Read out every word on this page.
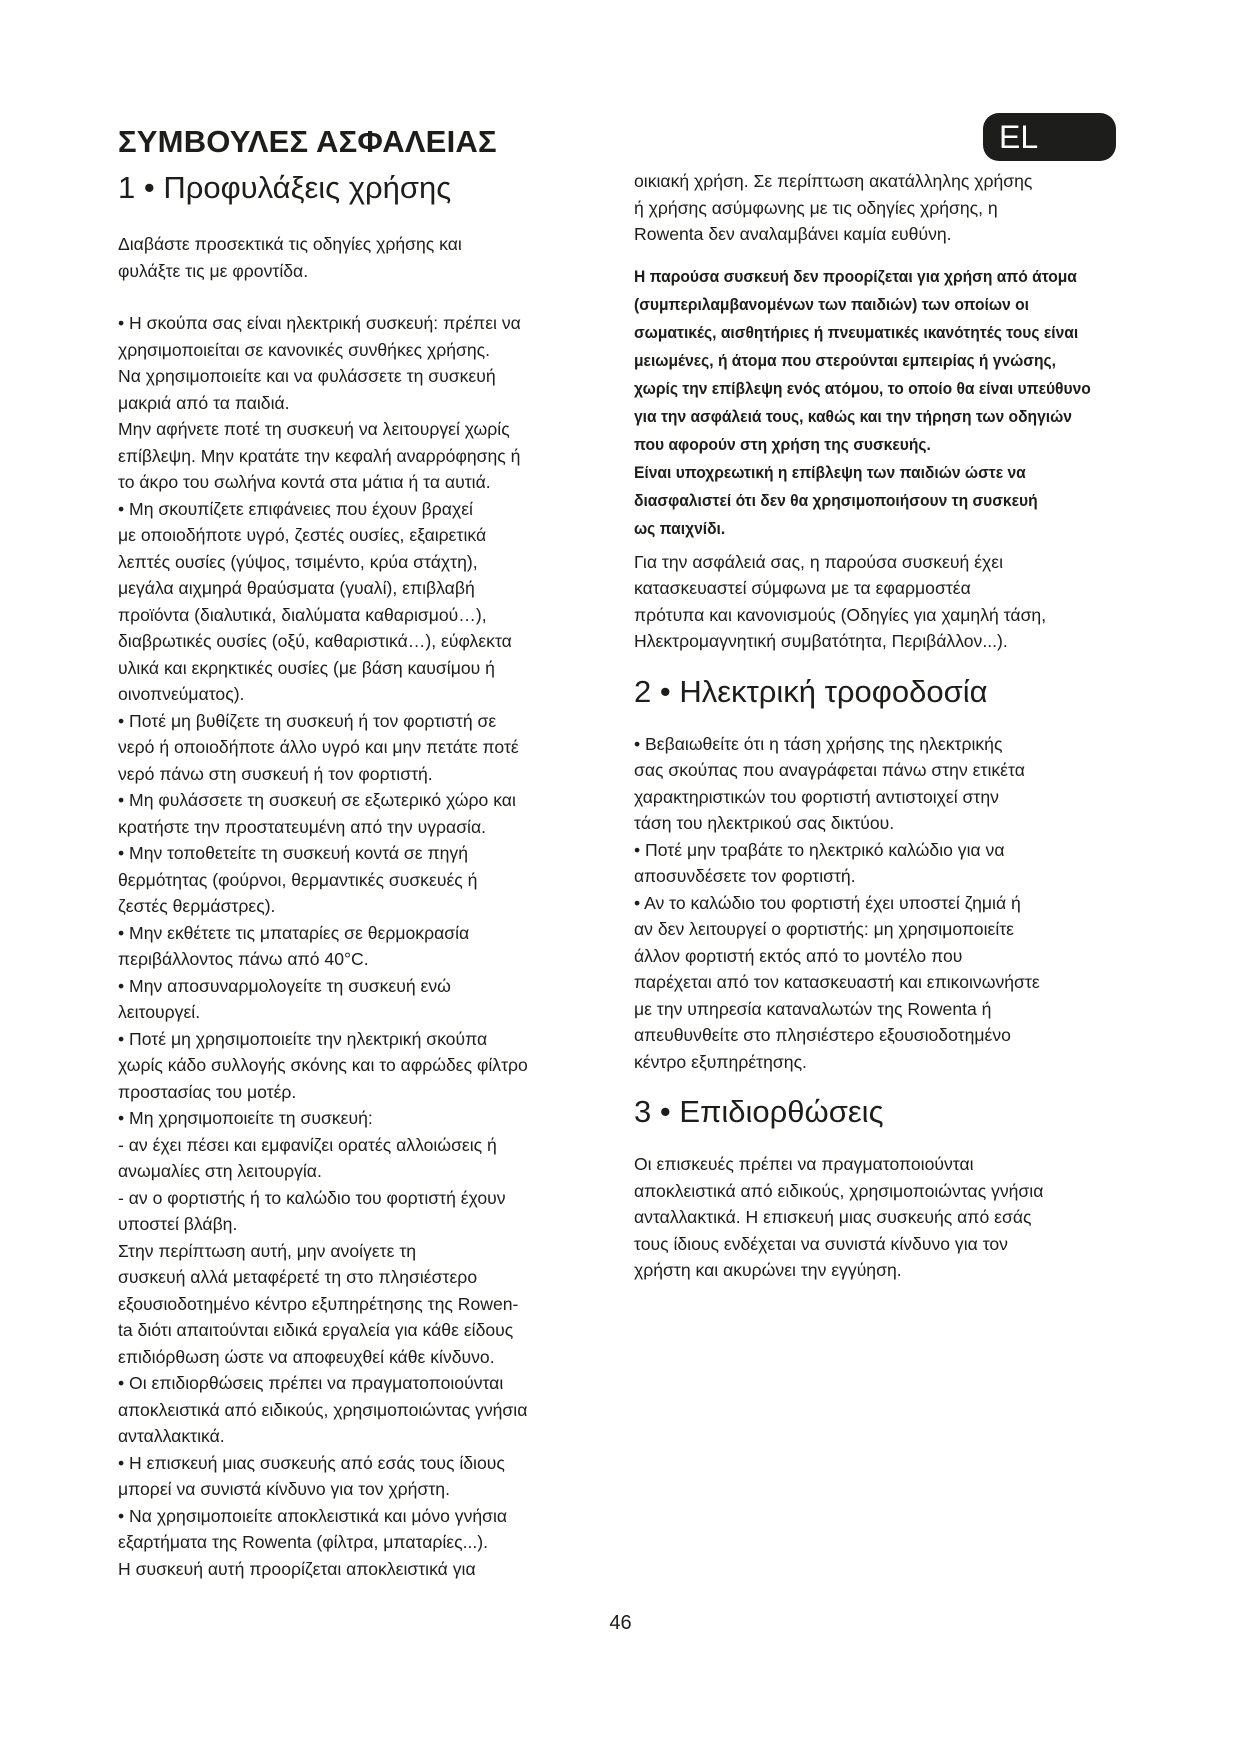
ΣΥΜΒΟΥΛΕΣ ΑΣΦΑΛΕΙΑΣ	EL
1 • Προφυλάξεις χρήσης
Διαβάστε προσεκτικά τις οδηγίες χρήσης και
φυλάξτε τις με φροντίδα.
• Η σκούπα σας είναι ηλεκτρική συσκευή: πρέπει να
χρησιμοποιείται σε κανονικές συνθήκες χρήσης.
Να χρησιμοποιείτε και να φυλάσσετε τη συσκευή
μακριά από τα παιδιά.
Μην αφήνετε ποτέ τη συσκευή να λειτουργεί χωρίς
επίβλεψη. Μην κρατάτε την κεφαλή αναρρόφησης ή
το άκρο του σωλήνα κοντά στα μάτια ή τα αυτιά.
• Μη σκουπίζετε επιφάνειες που έχουν βραχεί
με οποιοδήποτε υγρό, ζεστές ουσίες, εξαιρετικά
λεπτές ουσίες (γύψος, τσιμέντο, κρύα στάχτη),
μεγάλα αιχμηρά θραύσματα (γυαλί), επιβλαβή
προϊόντα (διαλυτικά, διαλύματα καθαρισμού…),
διαβρωτικές ουσίες (οξύ, καθαριστικά…), εύφλεκτα
υλικά και εκρηκτικές ουσίες (με βάση καυσίμου ή
οινοπνεύματος).
• Ποτέ μη βυθίζετε τη συσκευή ή τον φορτιστή σε
νερό ή οποιοδήποτε άλλο υγρό και μην πετάτε ποτέ
νερό πάνω στη συσκευή ή τον φορτιστή.
• Μη φυλάσσετε τη συσκευή σε εξωτερικό χώρο και
κρατήστε την προστατευμένη από την υγρασία.
• Μην τοποθετείτε τη συσκευή κοντά σε πηγή
θερμότητας (φούρνοι, θερμαντικές συσκευές ή
ζεστές θερμάστρες).
• Μην εκθέτετε τις μπαταρίες σε θερμοκρασία
περιβάλλοντος πάνω από 40°C.
• Μην αποσυναρμολογείτε τη συσκευή ενώ
λειτουργεί.
• Ποτέ μη χρησιμοποιείτε την ηλεκτρική σκούπα
χωρίς κάδο συλλογής σκόνης και το αφρώδες φίλτρο
προστασίας του μοτέρ.
• Μη χρησιμοποιείτε τη συσκευή:
- αν έχει πέσει και εμφανίζει ορατές αλλοιώσεις ή
ανωμαλίες στη λειτουργία.
- αν ο φορτιστής ή το καλώδιο του φορτιστή έχουν
υποστεί βλάβη.
Στην περίπτωση αυτή, μην ανοίγετε τη
συσκευή αλλά μεταφέρετέ τη στο πλησιέστερο
εξουσιοδοτημένο κέντρο εξυπηρέτησης της Rowen-
ta διότι απαιτούνται ειδικά εργαλεία για κάθε είδους
επιδιόρθωση ώστε να αποφευχθεί κάθε κίνδυνο.
• Οι επιδιορθώσεις πρέπει να πραγματοποιούνται
αποκλειστικά από ειδικούς, χρησιμοποιώντας γνήσια
ανταλλακτικά.
• Η επισκευή μιας συσκευής από εσάς τους ίδιους
μπορεί να συνιστά κίνδυνο για τον χρήστη.
• Να χρησιμοποιείτε αποκλειστικά και μόνο γνήσια
εξαρτήματα της Rowenta (φίλτρα, μπαταρίες...).
Η συσκευή αυτή προορίζεται αποκλειστικά για
οικιακή χρήση. Σε περίπτωση ακατάλληλης χρήσης
ή χρήσης ασύμφωνης με τις οδηγίες χρήσης, η
Rowenta δεν αναλαμβάνει καμία ευθύνη.
Η παρούσα συσκευή δεν προορίζεται για χρήση από άτομα
(συμπεριλαμβανομένων των παιδιών) των οποίων οι
σωματικές, αισθητήριες ή πνευματικές ικανότητές τους είναι
μειωμένες, ή άτομα που στερούνται εμπειρίας ή γνώσης,
χωρίς την επίβλεψη ενός ατόμου, το οποίο θα είναι υπεύθυνο
για την ασφάλειά τους, καθώς και την τήρηση των οδηγιών
που αφορούν στη χρήση της συσκευής.
Είναι υποχρεωτική η επίβλεψη των παιδιών ώστε να
διασφαλιστεί ότι δεν θα χρησιμοποιήσουν τη συσκευή
ως παιχνίδι.
Για την ασφάλειά σας, η παρούσα συσκευή έχει
κατασκευαστεί σύμφωνα με τα εφαρμοστέα
πρότυπα και κανονισμούς (Οδηγίες για χαμηλή τάση,
Ηλεκτρομαγνητική συμβατότητα, Περιβάλλον...).
2 • Ηλεκτρική τροφοδοσία
• Βεβαιωθείτε ότι η τάση χρήσης της ηλεκτρικής
σας σκούπας που αναγράφεται πάνω στην ετικέτα
χαρακτηριστικών του φορτιστή αντιστοιχεί στην
τάση του ηλεκτρικού σας δικτύου.
• Ποτέ μην τραβάτε το ηλεκτρικό καλώδιο για να
αποσυνδέσετε τον φορτιστή.
• Αν το καλώδιο του φορτιστή έχει υποστεί ζημιά ή
αν δεν λειτουργεί ο φορτιστής: μη χρησιμοποιείτε
άλλον φορτιστή εκτός από το μοντέλο που
παρέχεται από τον κατασκευαστή και επικοινωνήστε
με την υπηρεσία καταναλωτών της Rowenta ή
απευθυνθείτε στο πλησιέστερο εξουσιοδοτημένο
κέντρο εξυπηρέτησης.
3 • Επιδιορθώσεις
Οι επισκευές πρέπει να πραγματοποιούνται
αποκλειστικά από ειδικούς, χρησιμοποιώντας γνήσια
ανταλλακτικά. Η επισκευή μιας συσκευής από εσάς
τους ίδιους ενδέχεται να συνιστά κίνδυνο για τον
χρήστη και ακυρώνει την εγγύηση.
46
